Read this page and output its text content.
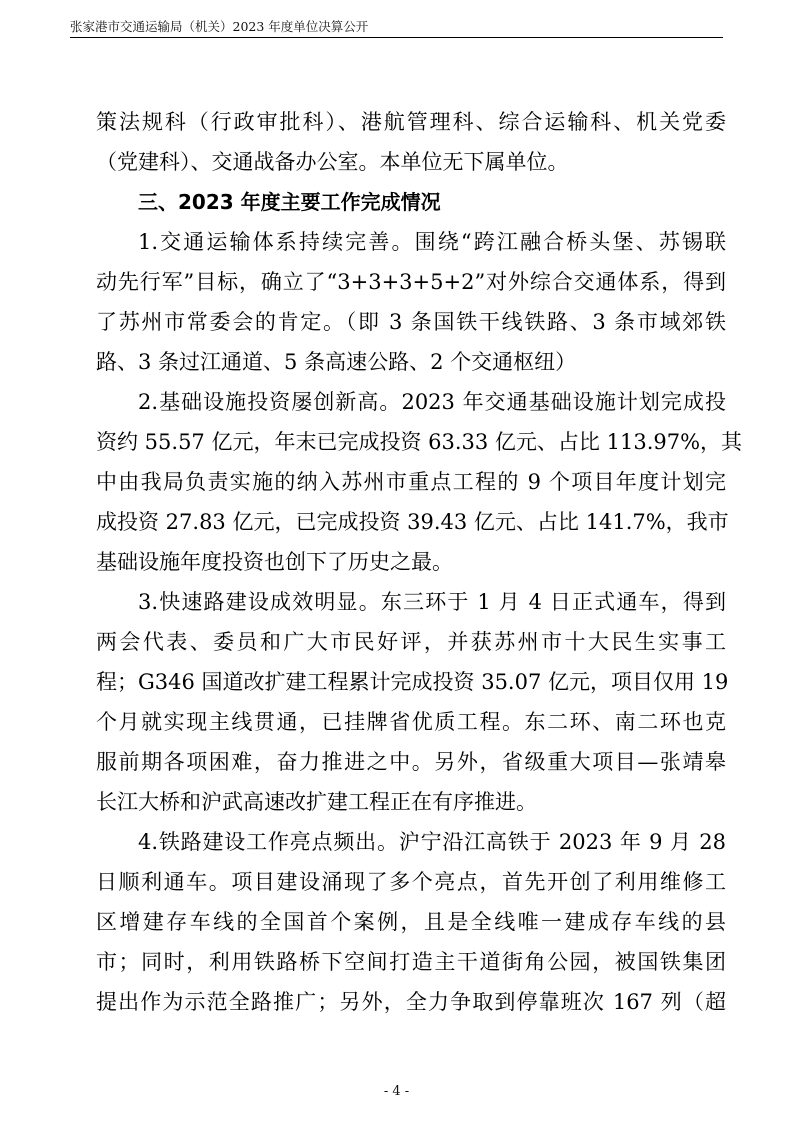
张家港市交通运输局（机关）2023 年度单位决算公开
策法规科（行政审批科）、港航管理科、综合运输科、机关党委
（党建科）、交通战备办公室。本单位无下属单位。
三、2023 年度主要工作完成情况
1.交通运输体系持续完善。围绕“跨江融合桥头堡、苏锡联
动先行军”目标，确立了“3+3+3+5+2”对外综合交通体系，得到
了苏州市常委会的肯定。（即 3 条国铁干线铁路、3 条市域郊铁
路、3 条过江通道、5 条高速公路、2 个交通枢纽）
2.基础设施投资屡创新高。2023 年交通基础设施计划完成投
资约 55.57 亿元，年末已完成投资 63.33 亿元、占比 113.97%，其
中由我局负责实施的纳入苏州市重点工程的 9 个项目年度计划完
成投资 27.83 亿元，已完成投资 39.43 亿元、占比 141.7%，我市
基础设施年度投资也创下了历史之最。
3.快速路建设成效明显。东三环于 1 月 4 日正式通车，得到
两会代表、委员和广大市民好评，并获苏州市十大民生实事工
程；G346 国道改扩建工程累计完成投资 35.07 亿元，项目仅用 19
个月就实现主线贯通，已挂牌省优质工程。东二环、南二环也克
服前期各项困难，奋力推进之中。另外，省级重大项目—张靖皋
长江大桥和沪武高速改扩建工程正在有序推进。
4.铁路建设工作亮点频出。沪宁沿江高铁于 2023 年 9 月 28
日顺利通车。项目建设涌现了多个亮点，首先开创了利用维修工
区增建存车线的全国首个案例，且是全线唯一建成存车线的县
市；同时，利用铁路桥下空间打造主干道街角公园，被国铁集团
提出作为示范全路推广；另外，全力争取到停靠班次 167 列（超
- 4 -
